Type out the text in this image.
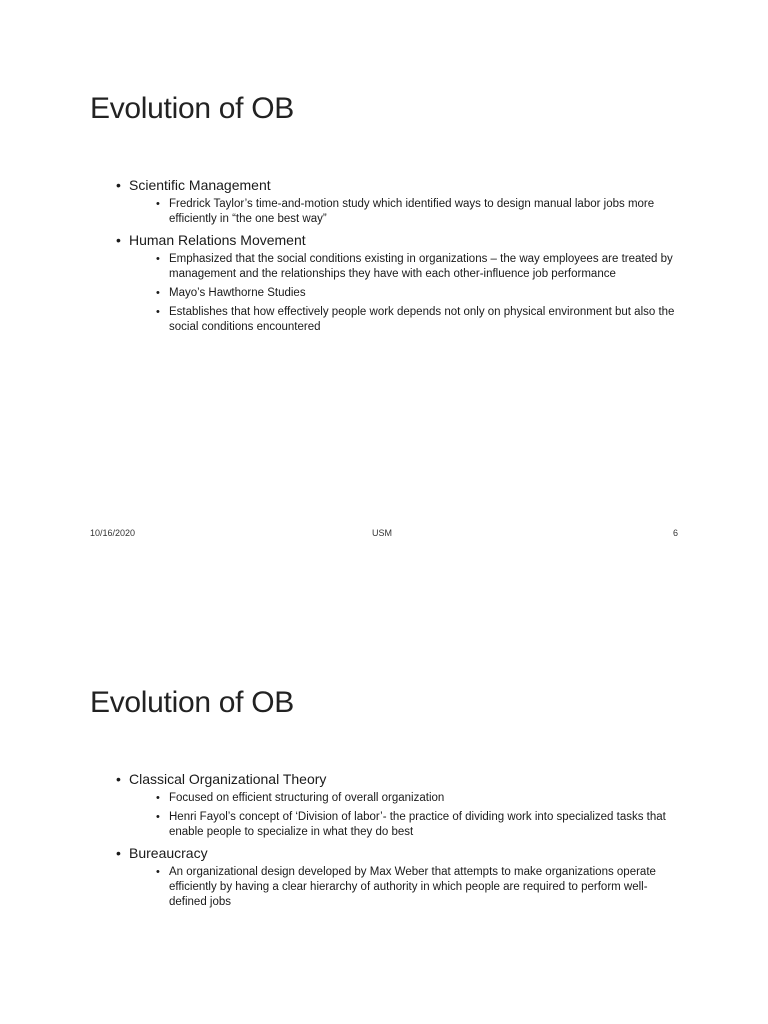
Evolution of OB
• Scientific Management
• Fredrick Taylor’s time-and-motion study which identified ways to design manual labor jobs more efficiently in “the one best way”
• Human Relations Movement
• Emphasized that the social conditions existing in organizations – the way employees are treated by management and the relationships they have with each other-influence job performance
• Mayo’s Hawthorne Studies
• Establishes that how effectively people work depends not only on physical environment but also the social conditions encountered
10/16/2020	USM	6
Evolution of OB
• Classical Organizational Theory
• Focused on efficient structuring of overall organization
• Henri Fayol’s concept of ‘Division of labor’- the practice of dividing work into specialized tasks that enable people to specialize in what they do best
• Bureaucracy
• An organizational design developed by Max Weber that attempts to make organizations operate efficiently by having a clear hierarchy of authority in which people are required to perform well-defined jobs
